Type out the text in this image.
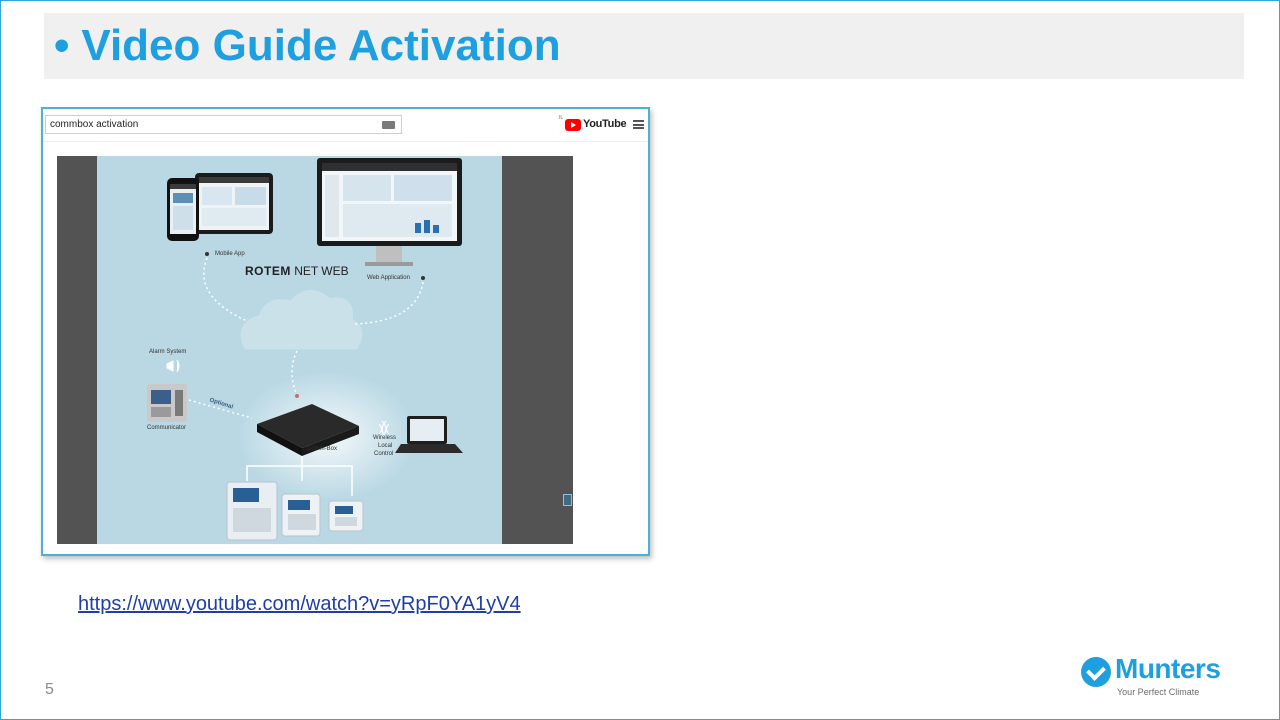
• Video Guide Activation
commbox activation
IL YouTube
Mobile App
ROTEM NET WEB	Web Application
Alarm System
Communicator
Optional
Comm-Box
Wireless
Local
Control
https://www.youtube.com/watch?v=yRpF0YA1yV4
5
Munters
Your Perfect Climate
